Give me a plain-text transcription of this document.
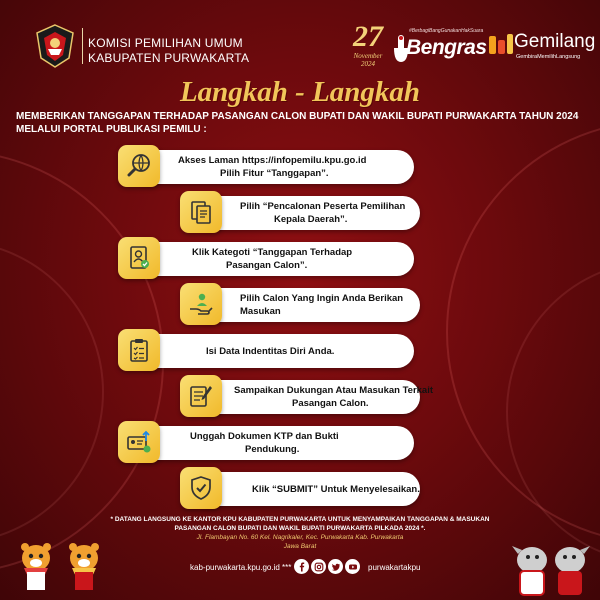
KOMISI PEMILIHAN UMUM
KABUPATEN PURWAKARTA
27
November
2024
#BerbagiBangGunakanHakSuara
Bengras Gemilang
GembiraMemilihLangsung
Langkah - Langkah
MEMBERIKAN TANGGAPAN TERHADAP PASANGAN CALON BUPATI DAN WAKIL BUPATI PURWAKARTA TAHUN 2024
MELALUI PORTAL PUBLIKASI PEMILU :
Akses Laman https://infopemilu.kpu.go.id
Pilih Fitur “Tanggapan”.
Pilih “Pencalonan Peserta Pemilihan
Kepala Daerah”.
Klik Kategoti “Tanggapan Terhadap
Pasangan Calon”.
Pilih Calon Yang Ingin Anda Berikan
Masukan
Isi Data Indentitas Diri Anda.
Sampaikan Dukungan Atau Masukan Terkait
Pasangan Calon.
Unggah Dokumen KTP dan Bukti
Pendukung.
Klik “SUBMIT” Untuk Menyelesaikan.
* DATANG LANGSUNG KE KANTOR KPU KABUPATEN PURWAKARTA UNTUK MENYAMPAIKAN TANGGAPAN & MASUKAN
PASANGAN CALON BUPATI DAN WAKIL BUPATI PURWAKARTA PILKADA 2024 *.
Jl. Flambayan No. 60 Kel. Nagrikaler, Kec. Purwakarta Kab. Purwakarta
Jawa Barat
kab-purwakarta.kpu.go.id ***	purwakartakpu
